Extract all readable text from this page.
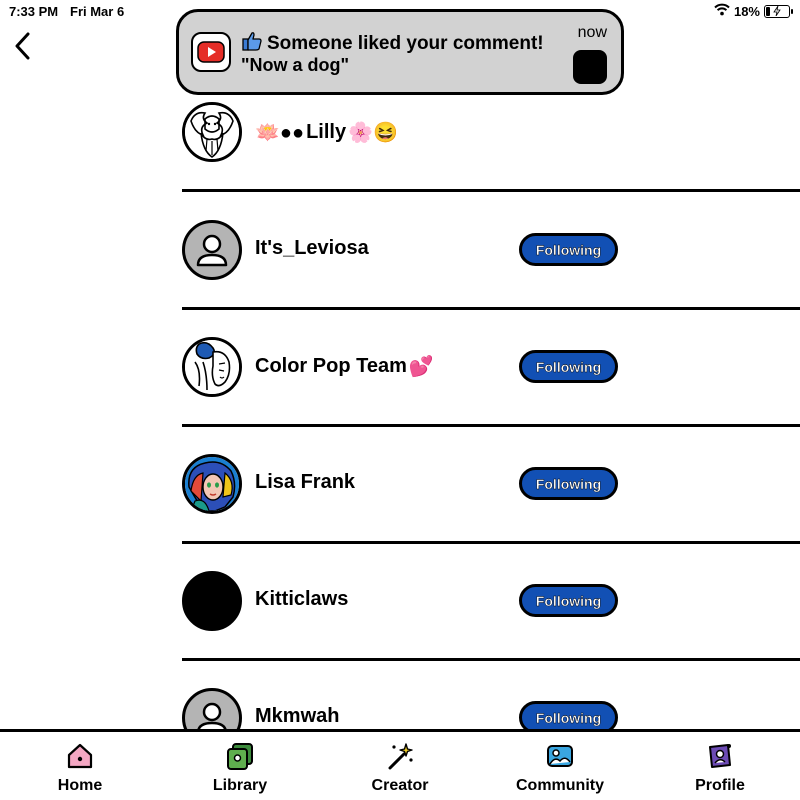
7:33 PM Fri Mar 6	18%
🪷●● Lilly 🌸😆
It's_Leviosa	Following
Color Pop Team 💕	Following
Lisa Frank	Following
Kitticlaws	Following
Mkmwah	Following
Someone liked your comment!
"Now a dog"
now
Home	Library	Creator	Community	Profile
